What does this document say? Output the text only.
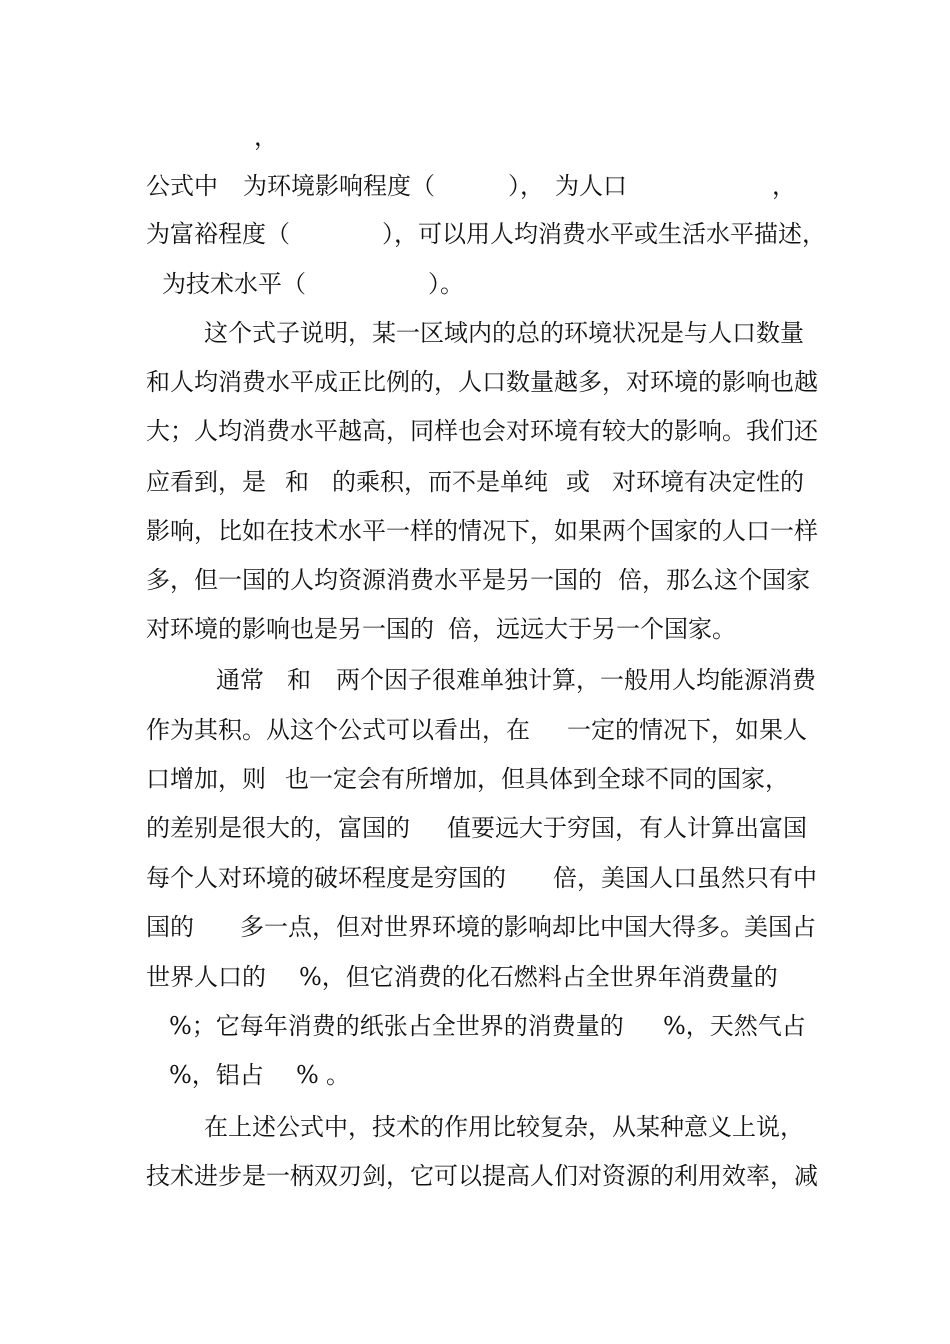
，

公式中

为环境影响程度（

	），

为人口

	，

为富裕程度（

	），可以用人均消费水平或生活水平描述，

为技术水平（

	）。

这个式子说明，某一区域内的总的环境状况是与人口数量

和人均消费水平成正比例的，人口数量越多，对环境的影响也越

大；人均消费水平越高，同样也会对环境有较大的影响。我们还

应看到，是

和

的乘积，而不是单纯

或

对环境有决定性的

影响，比如在技术水平一样的情况下，如果两个国家的人口一样

多，但一国的人均资源消费水平是另一国的

倍，那么这个国家

对环境的影响也是另一国的

倍，远远大于另一个国家。

通常

和

两个因子很难单独计算，一般用人均能源消费

作为其积。从这个公式可以看出，在

一定的情况下，如果人

口增加，则

也一定会有所增加，但具体到全球不同的国家，

的差别是很大的，富国的

值要远大于穷国，有人计算出富国

每个人对环境的破坏程度是穷国的

倍，美国人口虽然只有中

国的

多一点，但对世界环境的影响却比中国大得多。美国占

世界人口的

%，但它消费的化石燃料占全世界年消费量的

%；它每年消费的纸张占全世界的消费量的

%，天然气占

%，铝占

%

。

在上述公式中，技术的作用比较复杂，从某种意义上说，

技术进步是一柄双刃剑，它可以提高人们对资源的利用效率，减
